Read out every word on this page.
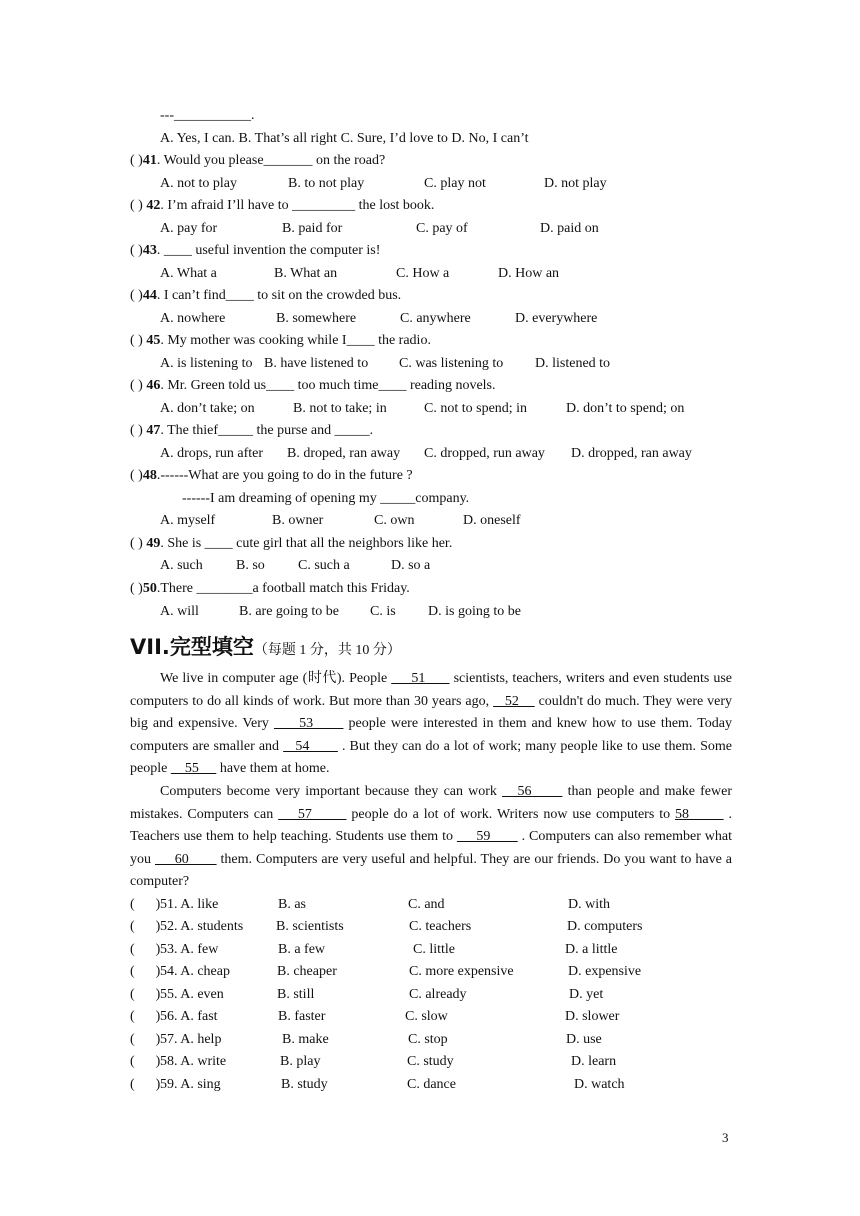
---___________.
A. Yes, I can. B. That’s all right C. Sure, I’d love to D. No, I can’t
( )41. Would you please_______ on the road?
A. not to play	B. to not play	C. play not	D. not play
( ) 42. I’m afraid I’ll have to _________ the lost book.
A. pay for	B. paid for	C. pay of	D. paid on
( )43. ____ useful invention the computer is!
A. What a	B. What an	C. How a	D. How an
( )44. I can’t find____ to sit on the crowded bus.
A. nowhere	B. somewhere	C. anywhere	D. everywhere
( ) 45. My mother was cooking while I____ the radio.
A. is listening to B. have listened to C. was listening to D. listened to
( ) 46. Mr. Green told us____ too much time____ reading novels.
A. don’t take; on	B. not to take; in	C. not to spend; in	D. don’t to spend; on
( ) 47. The thief_____ the purse and _____.
A. drops, run after B. droped, ran away C. dropped, run away D. dropped, ran away
( )48.------What are you going to do in the future ?
------I am dreaming of opening my _____company.
A. myself	B. owner	C. own	D. oneself
( ) 49. She is ____ cute girl that all the neighbors like her.
A. such B. so C. such a	D. so a
( )50.There ________a football match this Friday.
A. will	B. are going to be C. is D. is going to be
VII.完型填空（每题 1 分，共 10 分）
We live in computer age (时代). People      51       scientists, teachers, writers and even students use computers to do all kinds of work. But more than 30 years ago,    52     couldn't do much. They were very big and expensive. Very      53       people were interested in them and knew how to use them. Today computers are smaller and    54        . But they can do a lot of work; many people like to use them. Some people     55      have them at home.
Computers become very important because they can work    56       than people and make fewer mistakes. Computers can     57        people do a lot of work. Writers now use computers to 58        . Teachers use them to help teaching. Students use them to      59        . Computers can also remember what you      60        them. Computers are very useful and helpful. They are our friends. Do you want to have a computer?
(      ) 51. A. like	B. as	C. and	D. with
(      ) 52. A. students B. scientists	C. teachers	D. computers
(      ) 53. A. few	B. a few	C. little	D. a little
(      ) 54. A. cheap	B. cheaper	C. more expensive	D. expensive
(      ) 55. A. even	B. still	C. already	D. yet
(      ) 56. A. fast	B. faster	C. slow	D. slower
(      ) 57. A. help	B. make	C. stop	D. use
(      ) 58. A. write	B. play	C. study	D. learn
(      ) 59. A. sing	B. study	C. dance	D. watch
3
